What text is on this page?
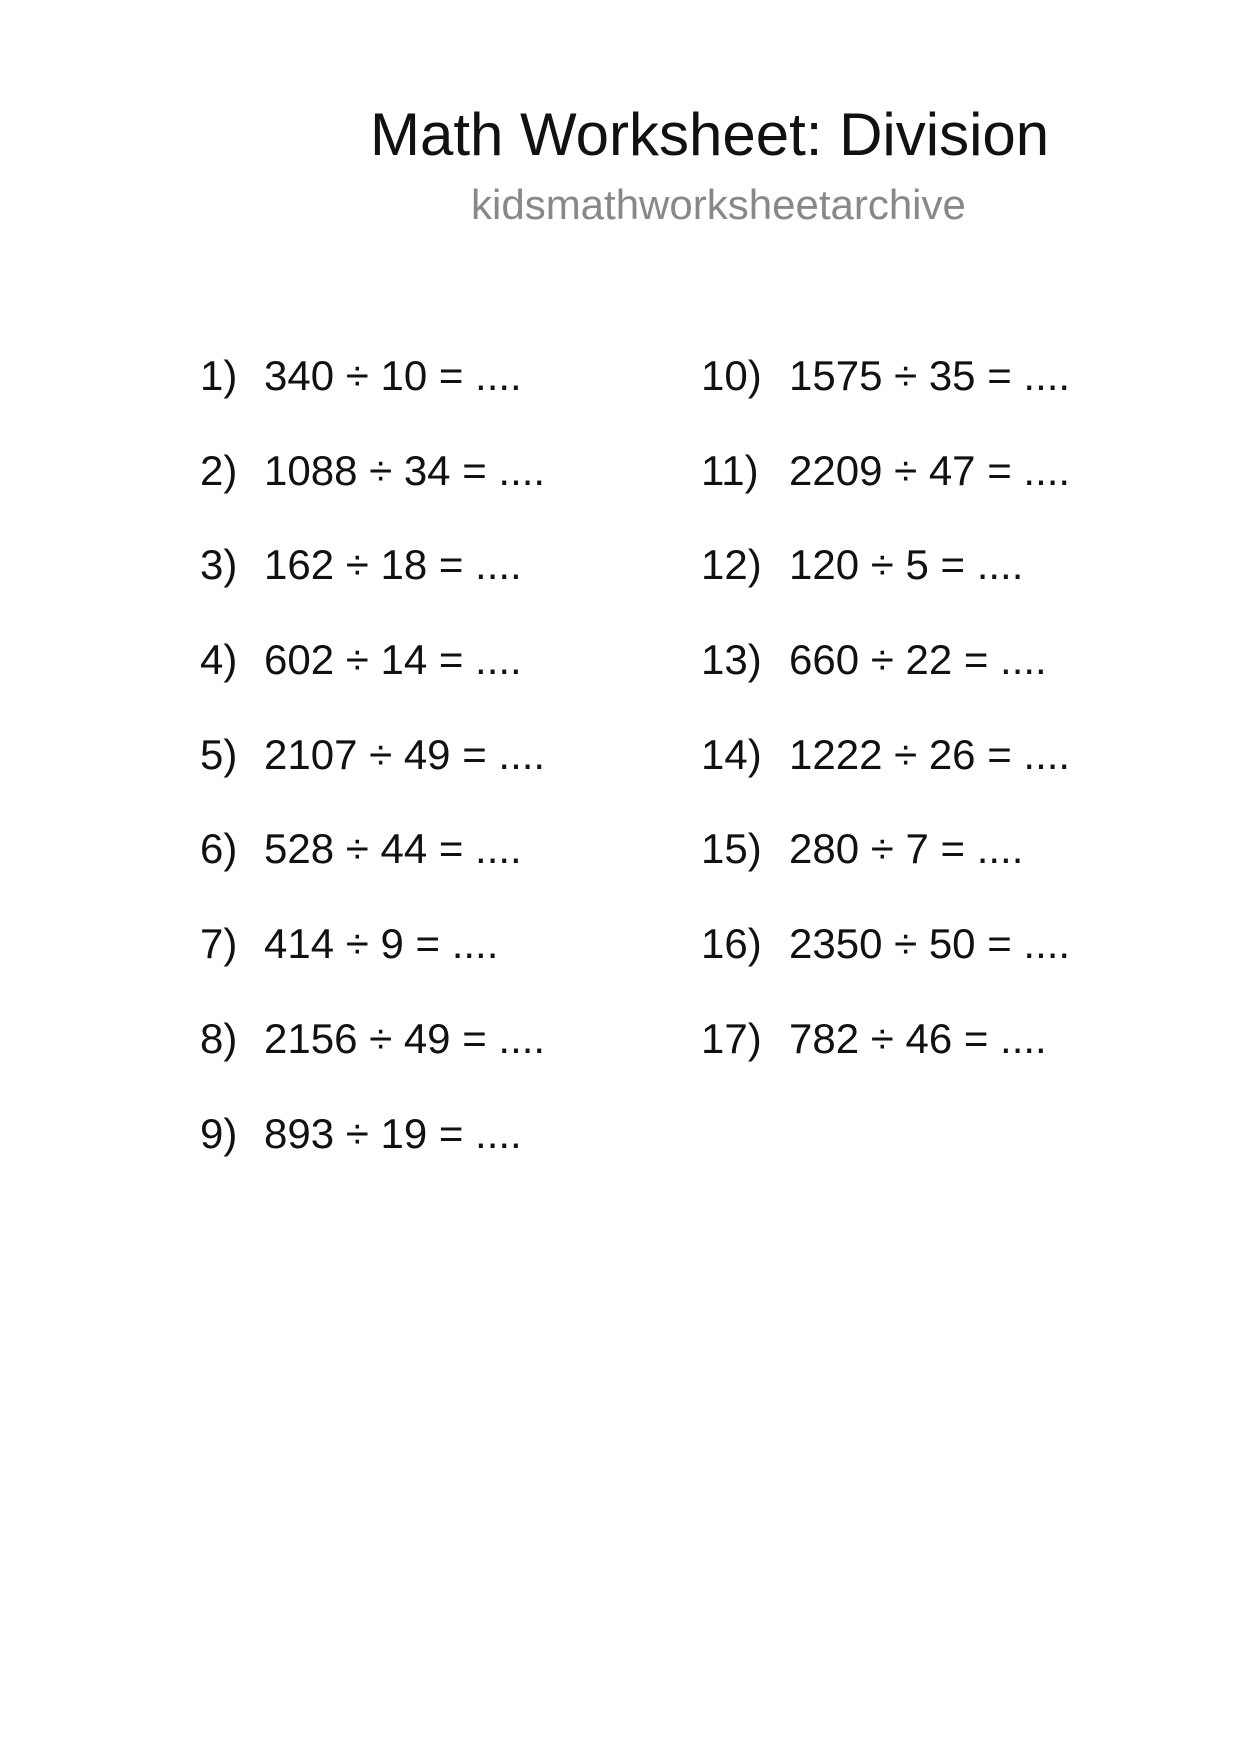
Math Worksheet: Division
kidsmathworksheetarchive
1) 340 ÷ 10 = ....
2) 1088 ÷ 34 = ....
3) 162 ÷ 18 = ....
4) 602 ÷ 14 = ....
5) 2107 ÷ 49 = ....
6) 528 ÷ 44 = ....
7) 414 ÷ 9 = ....
8) 2156 ÷ 49 = ....
9) 893 ÷ 19 = ....
10) 1575 ÷ 35 = ....
11) 2209 ÷ 47 = ....
12) 120 ÷ 5 = ....
13) 660 ÷ 22 = ....
14) 1222 ÷ 26 = ....
15) 280 ÷ 7 = ....
16) 2350 ÷ 50 = ....
17) 782 ÷ 46 = ....
